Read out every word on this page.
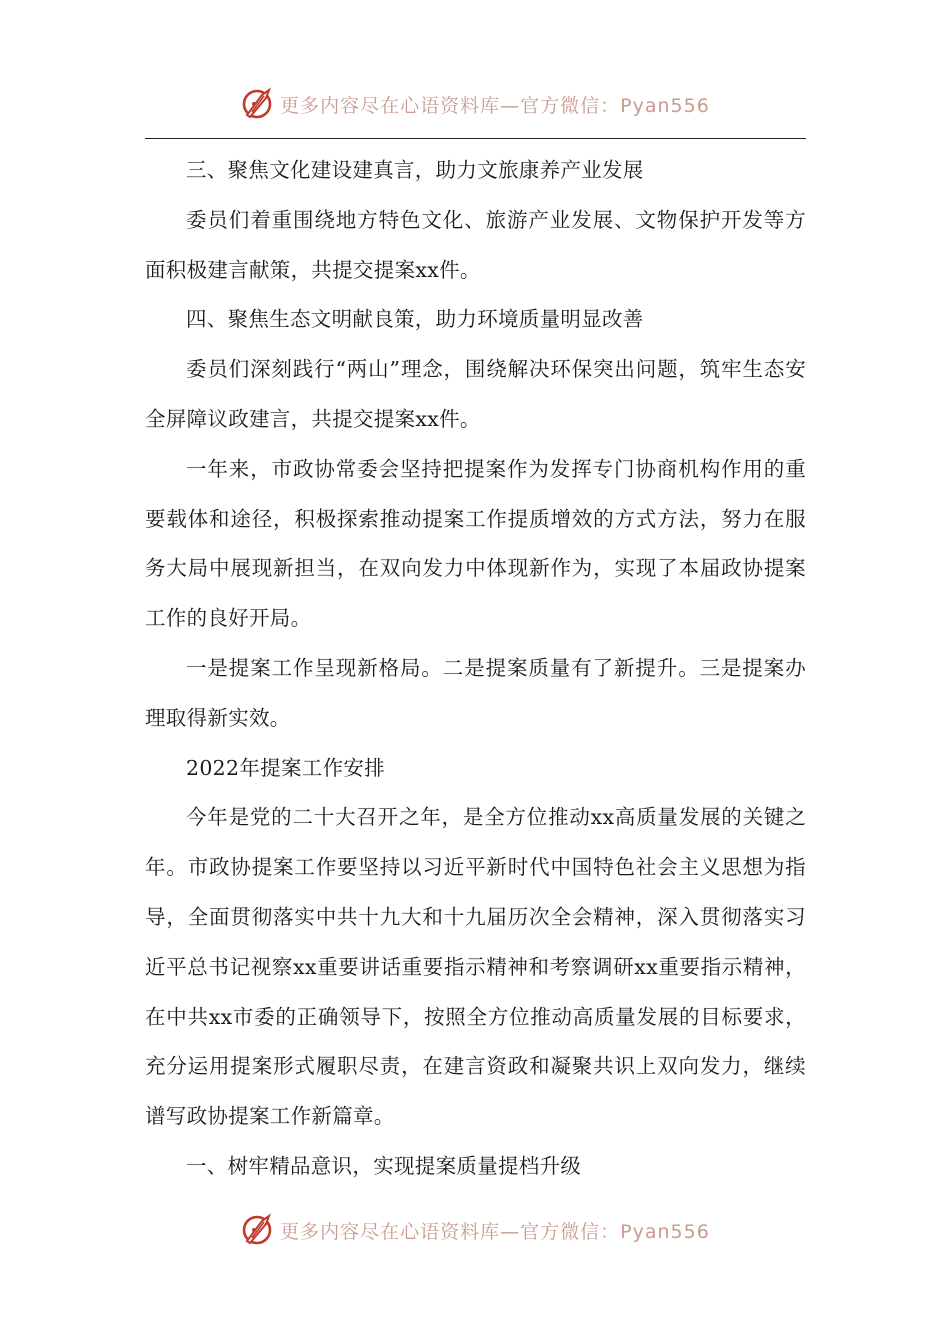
更多内容尽在心语资料库—官方微信：Pyan556

三、聚焦文化建设建真言，助力文旅康养产业发展

委员们着重围绕地方特色文化、旅游产业发展、文物保护开发等方面积极建言献策，共提交提案xx件。

四、聚焦生态文明献良策，助力环境质量明显改善

委员们深刻践行“两山”理念，围绕解决环保突出问题，筑牢生态安全屏障议政建言，共提交提案xx件。

一年来，市政协常委会坚持把提案作为发挥专门协商机构作用的重要载体和途径，积极探索推动提案工作提质增效的方式方法，努力在服务大局中展现新担当，在双向发力中体现新作为，实现了本届政协提案工作的良好开局。

一是提案工作呈现新格局。二是提案质量有了新提升。三是提案办理取得新实效。

2022年提案工作安排

今年是党的二十大召开之年，是全方位推动xx高质量发展的关键之年。市政协提案工作要坚持以习近平新时代中国特色社会主义思想为指导，全面贯彻落实中共十九大和十九届历次全会精神，深入贯彻落实习近平总书记视察xx重要讲话重要指示精神和考察调研xx重要指示精神，在中共xx市委的正确领导下，按照全方位推动高质量发展的目标要求，充分运用提案形式履职尽责，在建言资政和凝聚共识上双向发力，继续谱写政协提案工作新篇章。

一、树牢精品意识，实现提案质量提档升级

更多内容尽在心语资料库—官方微信：Pyan556
